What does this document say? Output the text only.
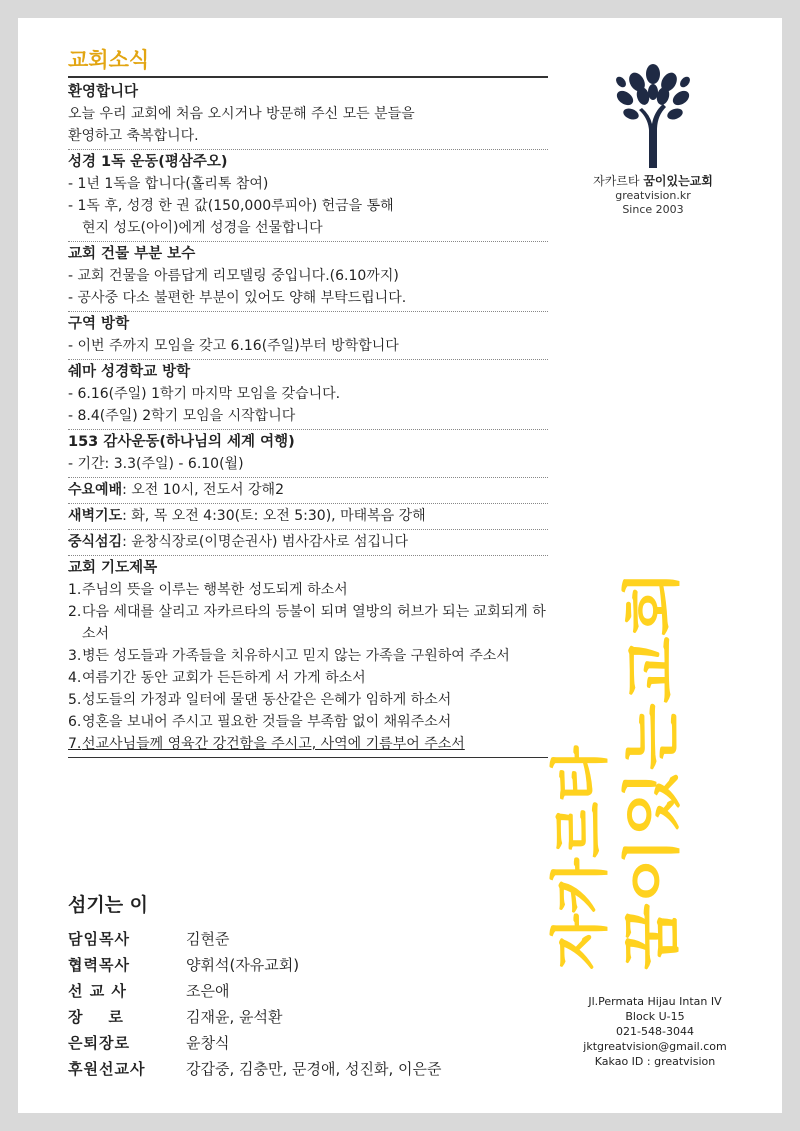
교회소식
환영합니다
오늘 우리 교회에 처음 오시거나 방문해 주신 모든 분들을
환영하고 축복합니다.
성경 1독 운동(평삼주오)
- 1년 1독을 합니다(홀리톡 참여)
- 1독 후, 성경 한 권 값(150,000루피아) 헌금을 통해
현지 성도(아이)에게 성경을 선물합니다
교회 건물 부분 보수
- 교회 건물을 아름답게 리모델링 중입니다.(6.10까지)
- 공사중 다소 불편한 부분이 있어도 양해 부탁드립니다.
구역 방학
- 이번 주까지 모임을 갖고 6.16(주일)부터 방학합니다
쉐마 성경학교 방학
- 6.16(주일) 1학기 마지막 모임을 갖습니다.
- 8.4(주일) 2학기 모임을 시작합니다
153 감사운동(하나님의 세계 여행)
- 기간: 3.3(주일) - 6.10(월)
수요예배: 오전 10시, 전도서 강해2
새벽기도: 화, 목 오전 4:30(토: 오전 5:30), 마태복음 강해
중식섬김: 윤창식장로(이명순권사) 범사감사로 섬깁니다
교회 기도제목
1. 주님의 뜻을 이루는 행복한 성도되게 하소서
2. 다음 세대를 살리고 자카르타의 등불이 되며 열방의 허브가 되는 교회되게 하소서
3. 병든 성도들과 가족들을 치유하시고 믿지 않는 가족을 구원하여 주소서
4. 여름기간 동안 교회가 든든하게 서 가게 하소서
5. 성도들의 가정과 일터에 물댄 동산같은 은혜가 임하게 하소서
6. 영혼을 보내어 주시고 필요한 것들을 부족함 없이 채워주소서
7. 선교사님들께 영육간 강건함을 주시고, 사역에 기름부어 주소서
자카르타 꿈이있는교회
greatvision.kr
Since 2003
자카르타 꿈이있는교회
섬기는 이
담임목사	김현준
협력목사	양휘석(자유교회)
선 교 사	조은애
장    로	김재윤, 윤석환
은퇴장로	윤창식
후원선교사	강갑중, 김충만, 문경애, 성진화, 이은준
Jl.Permata Hijau Intan IV
Block U-15
021-548-3044
jktgreatvision@gmail.com
Kakao ID : greatvision
